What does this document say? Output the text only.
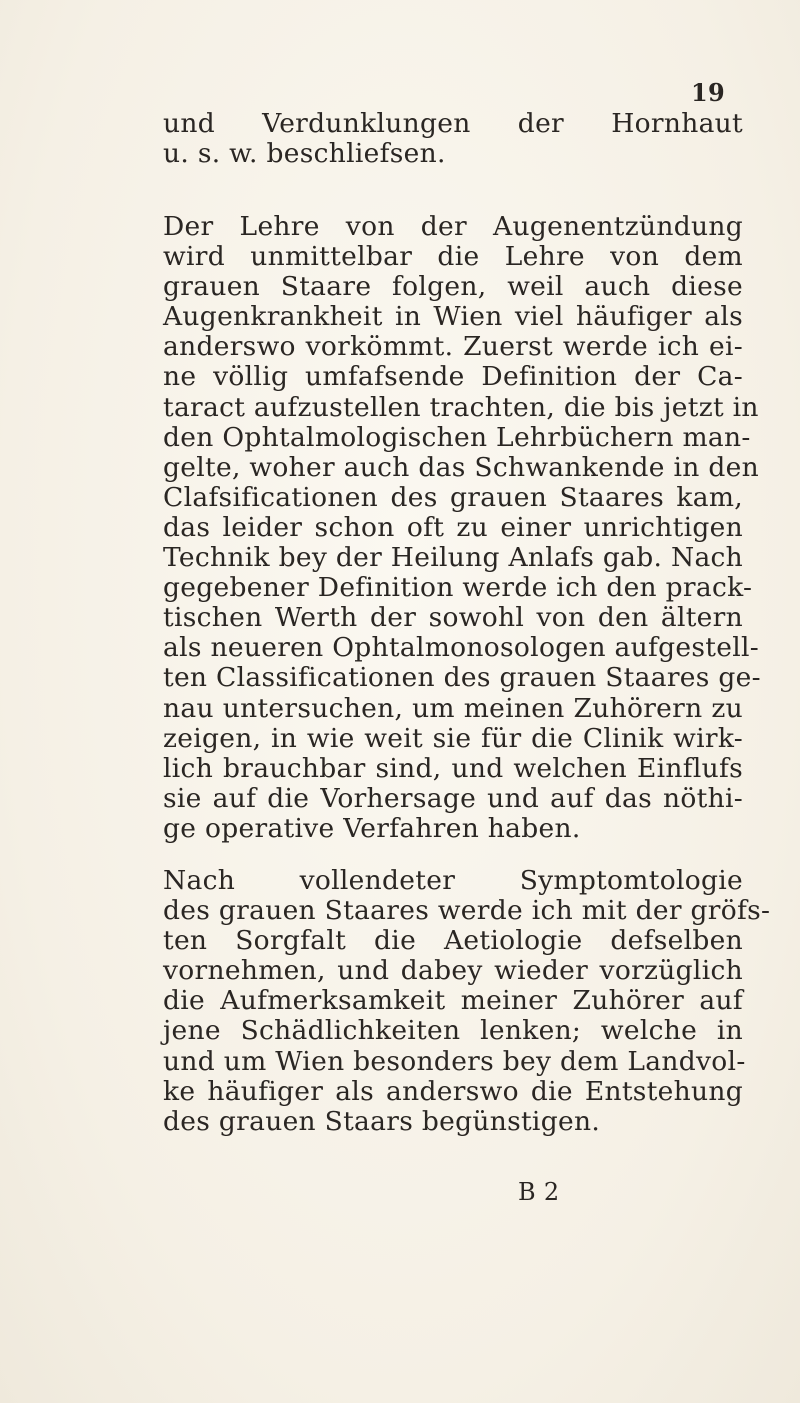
19
und Verdunklungen der Hornhaut
u. s. w. beschliefsen.
Der Lehre von der Augenentzündung
wird unmittelbar die Lehre von dem
grauen Staare folgen, weil auch diese
Augenkrankheit in Wien viel häufiger als
anderswo vorkömmt. Zuerst werde ich ei-
ne völlig umfafsende Definition der Ca-
taract aufzustellen trachten, die bis jetzt in
den Ophtalmologischen Lehrbüchern man-
gelte, woher auch das Schwankende in den
Clafsificationen des grauen Staares kam,
das leider schon oft zu einer unrichtigen
Technik bey der Heilung Anlafs gab. Nach
gegebener Definition werde ich den prack-
tischen Werth der sowohl von den ältern
als neueren Ophtalmonosologen aufgestell-
ten Classificationen des grauen Staares ge-
nau untersuchen, um meinen Zuhörern zu
zeigen, in wie weit sie für die Clinik wirk-
lich brauchbar sind, und welchen Einflufs
sie auf die Vorhersage und auf das nöthi-
ge operative Verfahren haben.
Nach vollendeter Symptomtologie
des grauen Staares werde ich mit der gröfs-
ten Sorgfalt die Aetiologie defselben
vornehmen, und dabey wieder vorzüglich
die Aufmerksamkeit meiner Zuhörer auf
jene Schädlichkeiten lenken; welche in
und um Wien besonders bey dem Landvol-
ke häufiger als anderswo die Entstehung
des grauen Staars begünstigen.
B 2
